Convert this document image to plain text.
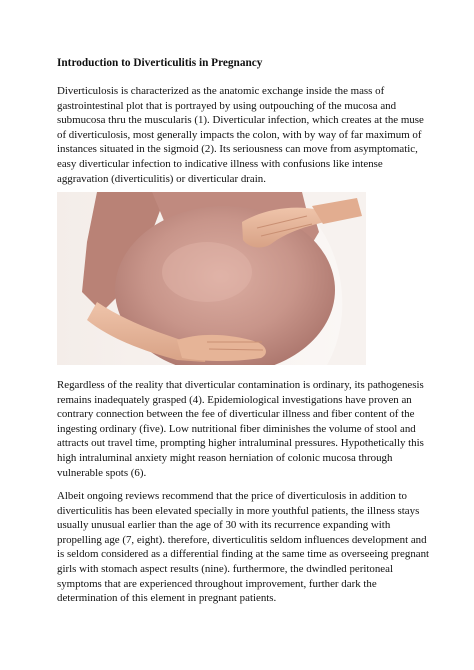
Introduction to Diverticulitis in Pregnancy
Diverticulosis is characterized as the anatomic exchange inside the mass of
gastrointestinal plot that is portrayed by using outpouching of the mucosa and
submucosa thru the muscularis (1). Diverticular infection, which creates at the muse
of diverticulosis, most generally impacts the colon, with by way of far maximum of
instances situated in the sigmoid (2). Its seriousness can move from asymptomatic,
easy diverticular infection to indicative illness with confusions like intense
aggravation (diverticulitis) or diverticular drain.
Regardless of the reality that diverticular contamination is ordinary, its pathogenesis
remains inadequately grasped (4). Epidemiological investigations have proven an
contrary connection between the fee of diverticular illness and fiber content of the
ingesting ordinary (five). Low nutritional fiber diminishes the volume of stool and
attracts out travel time, prompting higher intraluminal pressures. Hypothetically this
high intraluminal anxiety might reason herniation of colonic mucosa through
vulnerable spots (6).
Albeit ongoing reviews recommend that the price of diverticulosis in addition to
diverticulitis has been elevated specially in more youthful patients, the illness stays
usually unusual earlier than the age of 30 with its recurrence expanding with
propelling age (7, eight). therefore, diverticulitis seldom influences development and
is seldom considered as a differential finding at the same time as overseeing pregnant
girls with stomach aspect results (nine). furthermore, the dwindled peritoneal
symptoms that are experienced throughout improvement, further dark the
determination of this element in pregnant patients.
